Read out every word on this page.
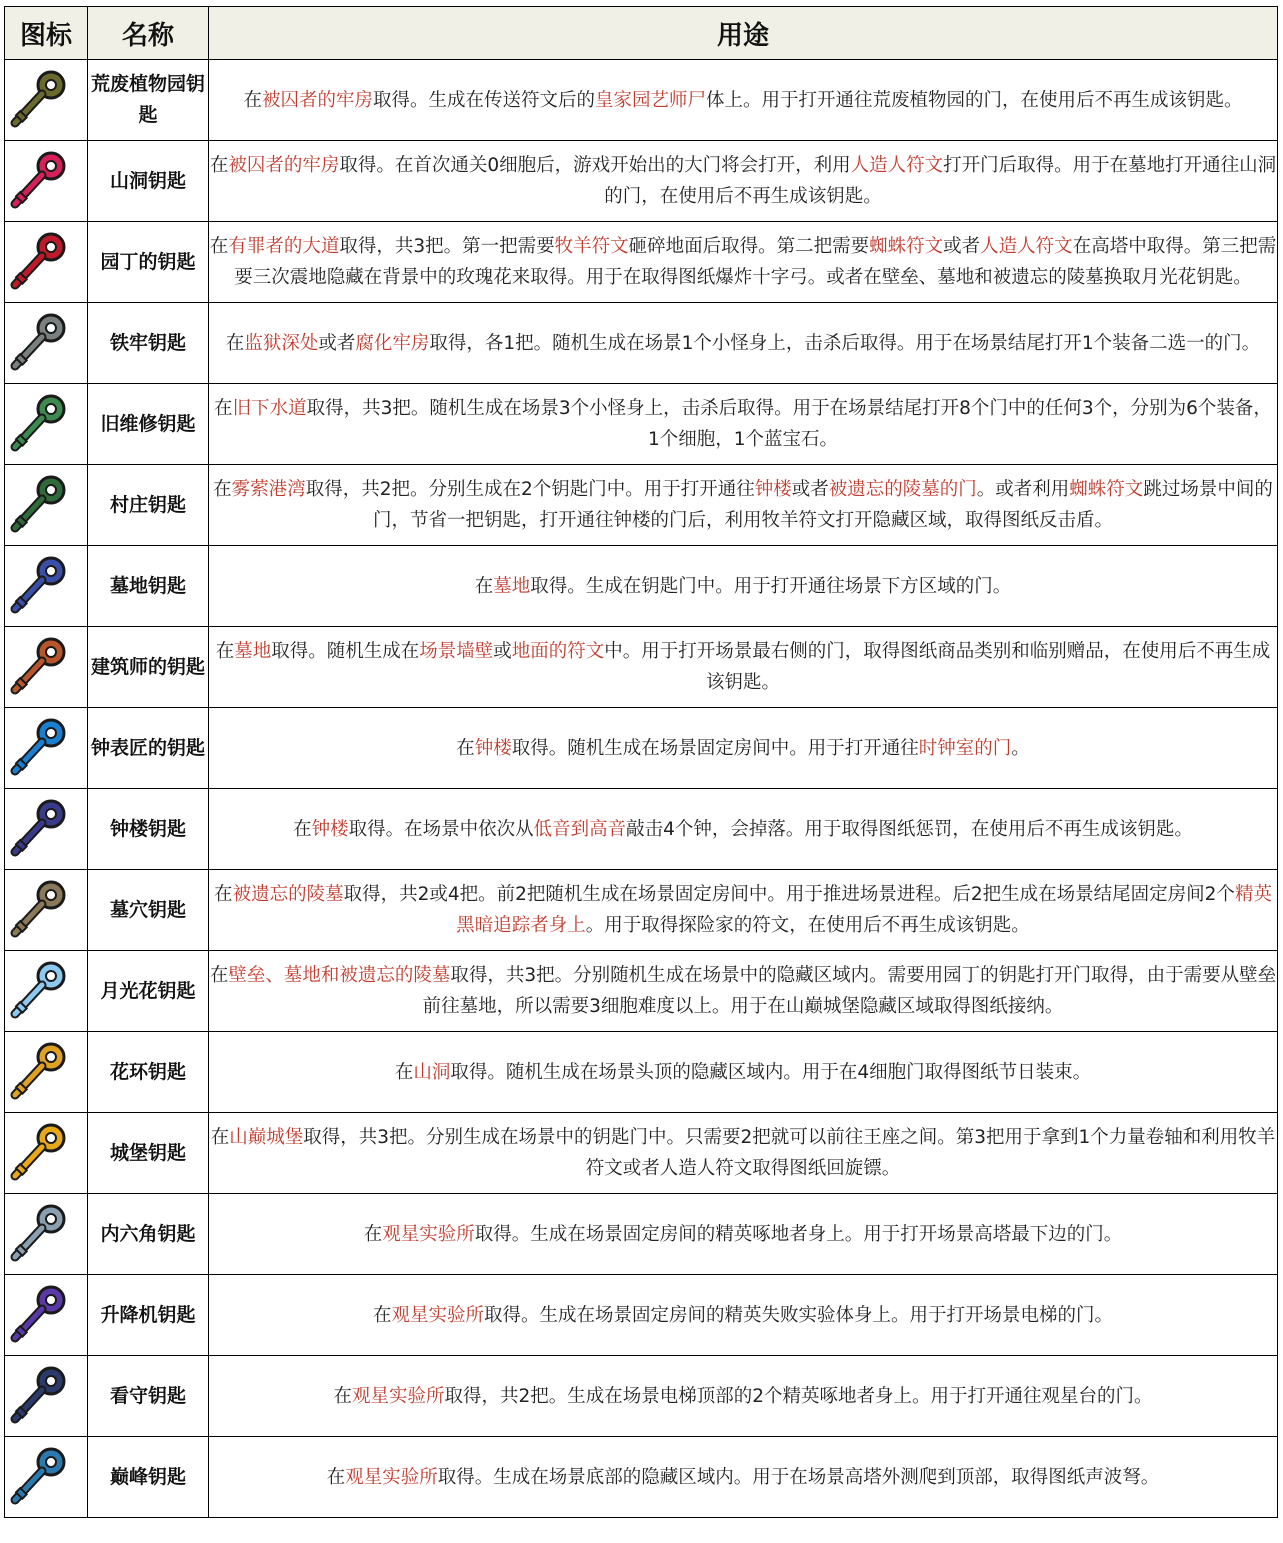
图标	名称	用途

	荒废植物园钥匙	在被囚者的牢房取得。生成在传送符文后的皇家园艺师尸体上。用于打开通往荒废植物园的门，在使用后不再生成该钥匙。

	山洞钥匙	在被囚者的牢房取得。在首次通关0细胞后，游戏开始出的大门将会打开，利用人造人符文打开门后取得。用于在墓地打开通往山洞的门，在使用后不再生成该钥匙。

	园丁的钥匙	在有罪者的大道取得，共3把。第一把需要牧羊符文砸碎地面后取得。第二把需要蜘蛛符文或者人造人符文在高塔中取得。第三把需要三次震地隐藏在背景中的玫瑰花来取得。用于在取得图纸爆炸十字弓。或者在壁垒、墓地和被遗忘的陵墓换取月光花钥匙。

	铁牢钥匙	在监狱深处或者腐化牢房取得，各1把。随机生成在场景1个小怪身上，击杀后取得。用于在场景结尾打开1个装备二选一的门。

	旧维修钥匙	在旧下水道取得，共3把。随机生成在场景3个小怪身上，击杀后取得。用于在场景结尾打开8个门中的任何3个，分别为6个装备，1个细胞，1个蓝宝石。

	村庄钥匙	在雾萦港湾取得，共2把。分别生成在2个钥匙门中。用于打开通往钟楼或者被遗忘的陵墓的门。或者利用蜘蛛符文跳过场景中间的门，节省一把钥匙，打开通往钟楼的门后，利用牧羊符文打开隐藏区域，取得图纸反击盾。

	墓地钥匙	在墓地取得。生成在钥匙门中。用于打开通往场景下方区域的门。

	建筑师的钥匙	在墓地取得。随机生成在场景墙壁或地面的符文中。用于打开场景最右侧的门，取得图纸商品类别和临别赠品，在使用后不再生成该钥匙。

	钟表匠的钥匙	在钟楼取得。随机生成在场景固定房间中。用于打开通往时钟室的门。

	钟楼钥匙	在钟楼取得。在场景中依次从低音到高音敲击4个钟，会掉落。用于取得图纸惩罚，在使用后不再生成该钥匙。

	墓穴钥匙	在被遗忘的陵墓取得，共2或4把。前2把随机生成在场景固定房间中。用于推进场景进程。后2把生成在场景结尾固定房间2个精英黑暗追踪者身上。用于取得探险家的符文，在使用后不再生成该钥匙。

	月光花钥匙	在壁垒、墓地和被遗忘的陵墓取得，共3把。分别随机生成在场景中的隐藏区域内。需要用园丁的钥匙打开门取得，由于需要从壁垒前往墓地，所以需要3细胞难度以上。用于在山巅城堡隐藏区域取得图纸接纳。

	花环钥匙	在山洞取得。随机生成在场景头顶的隐藏区域内。用于在4细胞门取得图纸节日装束。

	城堡钥匙	在山巅城堡取得，共3把。分别生成在场景中的钥匙门中。只需要2把就可以前往王座之间。第3把用于拿到1个力量卷轴和利用牧羊符文或者人造人符文取得图纸回旋镖。

	内六角钥匙	在观星实验所取得。生成在场景固定房间的精英啄地者身上。用于打开场景高塔最下边的门。

	升降机钥匙	在观星实验所取得。生成在场景固定房间的精英失败实验体身上。用于打开场景电梯的门。

	看守钥匙	在观星实验所取得，共2把。生成在场景电梯顶部的2个精英啄地者身上。用于打开通往观星台的门。

	巅峰钥匙	在观星实验所取得。生成在场景底部的隐藏区域内。用于在场景高塔外测爬到顶部，取得图纸声波弩。
